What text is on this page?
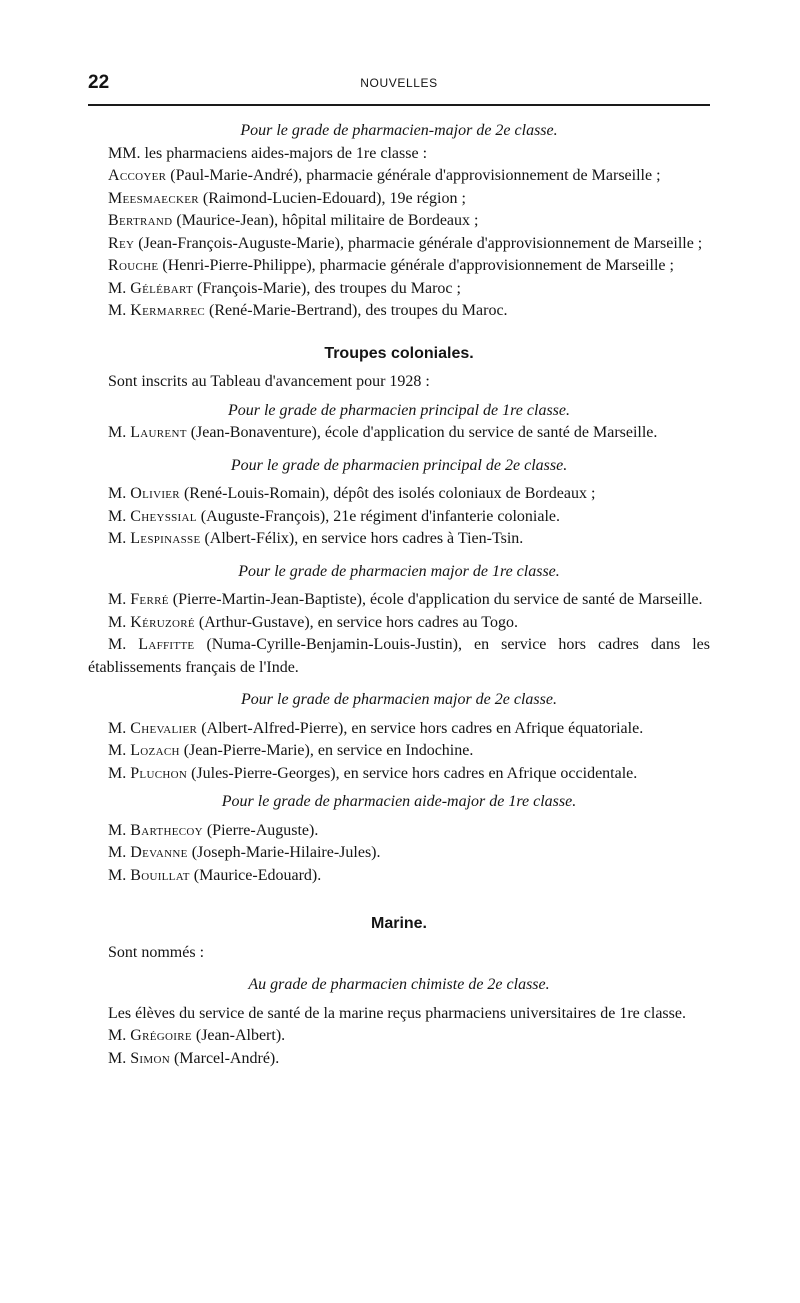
22	NOUVELLES

Pour le grade de pharmacien-major de 2e classe.

MM. les pharmaciens aides-majors de 1re classe :

Accoyer (Paul-Marie-André), pharmacie générale d'approvisionnement de Marseille ;

Meesmaecker (Raimond-Lucien-Edouard), 19e région ;

Bertrand (Maurice-Jean), hôpital militaire de Bordeaux ;

Rey (Jean-François-Auguste-Marie), pharmacie générale d'approvisionnement de Marseille ;

Rouche (Henri-Pierre-Philippe), pharmacie générale d'approvisionnement de Marseille ;

M. Gélébart (François-Marie), des troupes du Maroc ;

M. Kermarrec (René-Marie-Bertrand), des troupes du Maroc.

Troupes coloniales.

Sont inscrits au Tableau d'avancement pour 1928 :

Pour le grade de pharmacien principal de 1re classe.

M. Laurent (Jean-Bonaventure), école d'application du service de santé de Marseille.

Pour le grade de pharmacien principal de 2e classe.

M. Olivier (René-Louis-Romain), dépôt des isolés coloniaux de Bordeaux ;

M. Cheyssial (Auguste-François), 21e régiment d'infanterie coloniale.

M. Lespinasse (Albert-Félix), en service hors cadres à Tien-Tsin.

Pour le grade de pharmacien major de 1re classe.

M. Ferré (Pierre-Martin-Jean-Baptiste), école d'application du service de santé de Marseille.

M. Kéruzoré (Arthur-Gustave), en service hors cadres au Togo.

M. Laffitte (Numa-Cyrille-Benjamin-Louis-Justin), en service hors cadres dans les établissements français de l'Inde.

Pour le grade de pharmacien major de 2e classe.

M. Chevalier (Albert-Alfred-Pierre), en service hors cadres en Afrique équatoriale.

M. Lozach (Jean-Pierre-Marie), en service en Indochine.

M. Pluchon (Jules-Pierre-Georges), en service hors cadres en Afrique occidentale.

Pour le grade de pharmacien aide-major de 1re classe.

M. Barthecoy (Pierre-Auguste).

M. Devanne (Joseph-Marie-Hilaire-Jules).

M. Bouillat (Maurice-Edouard).

Marine.

Sont nommés :

Au grade de pharmacien chimiste de 2e classe.

Les élèves du service de santé de la marine reçus pharmaciens universitaires de 1re classe.

M. Grégoire (Jean-Albert).

M. Simon (Marcel-André).
